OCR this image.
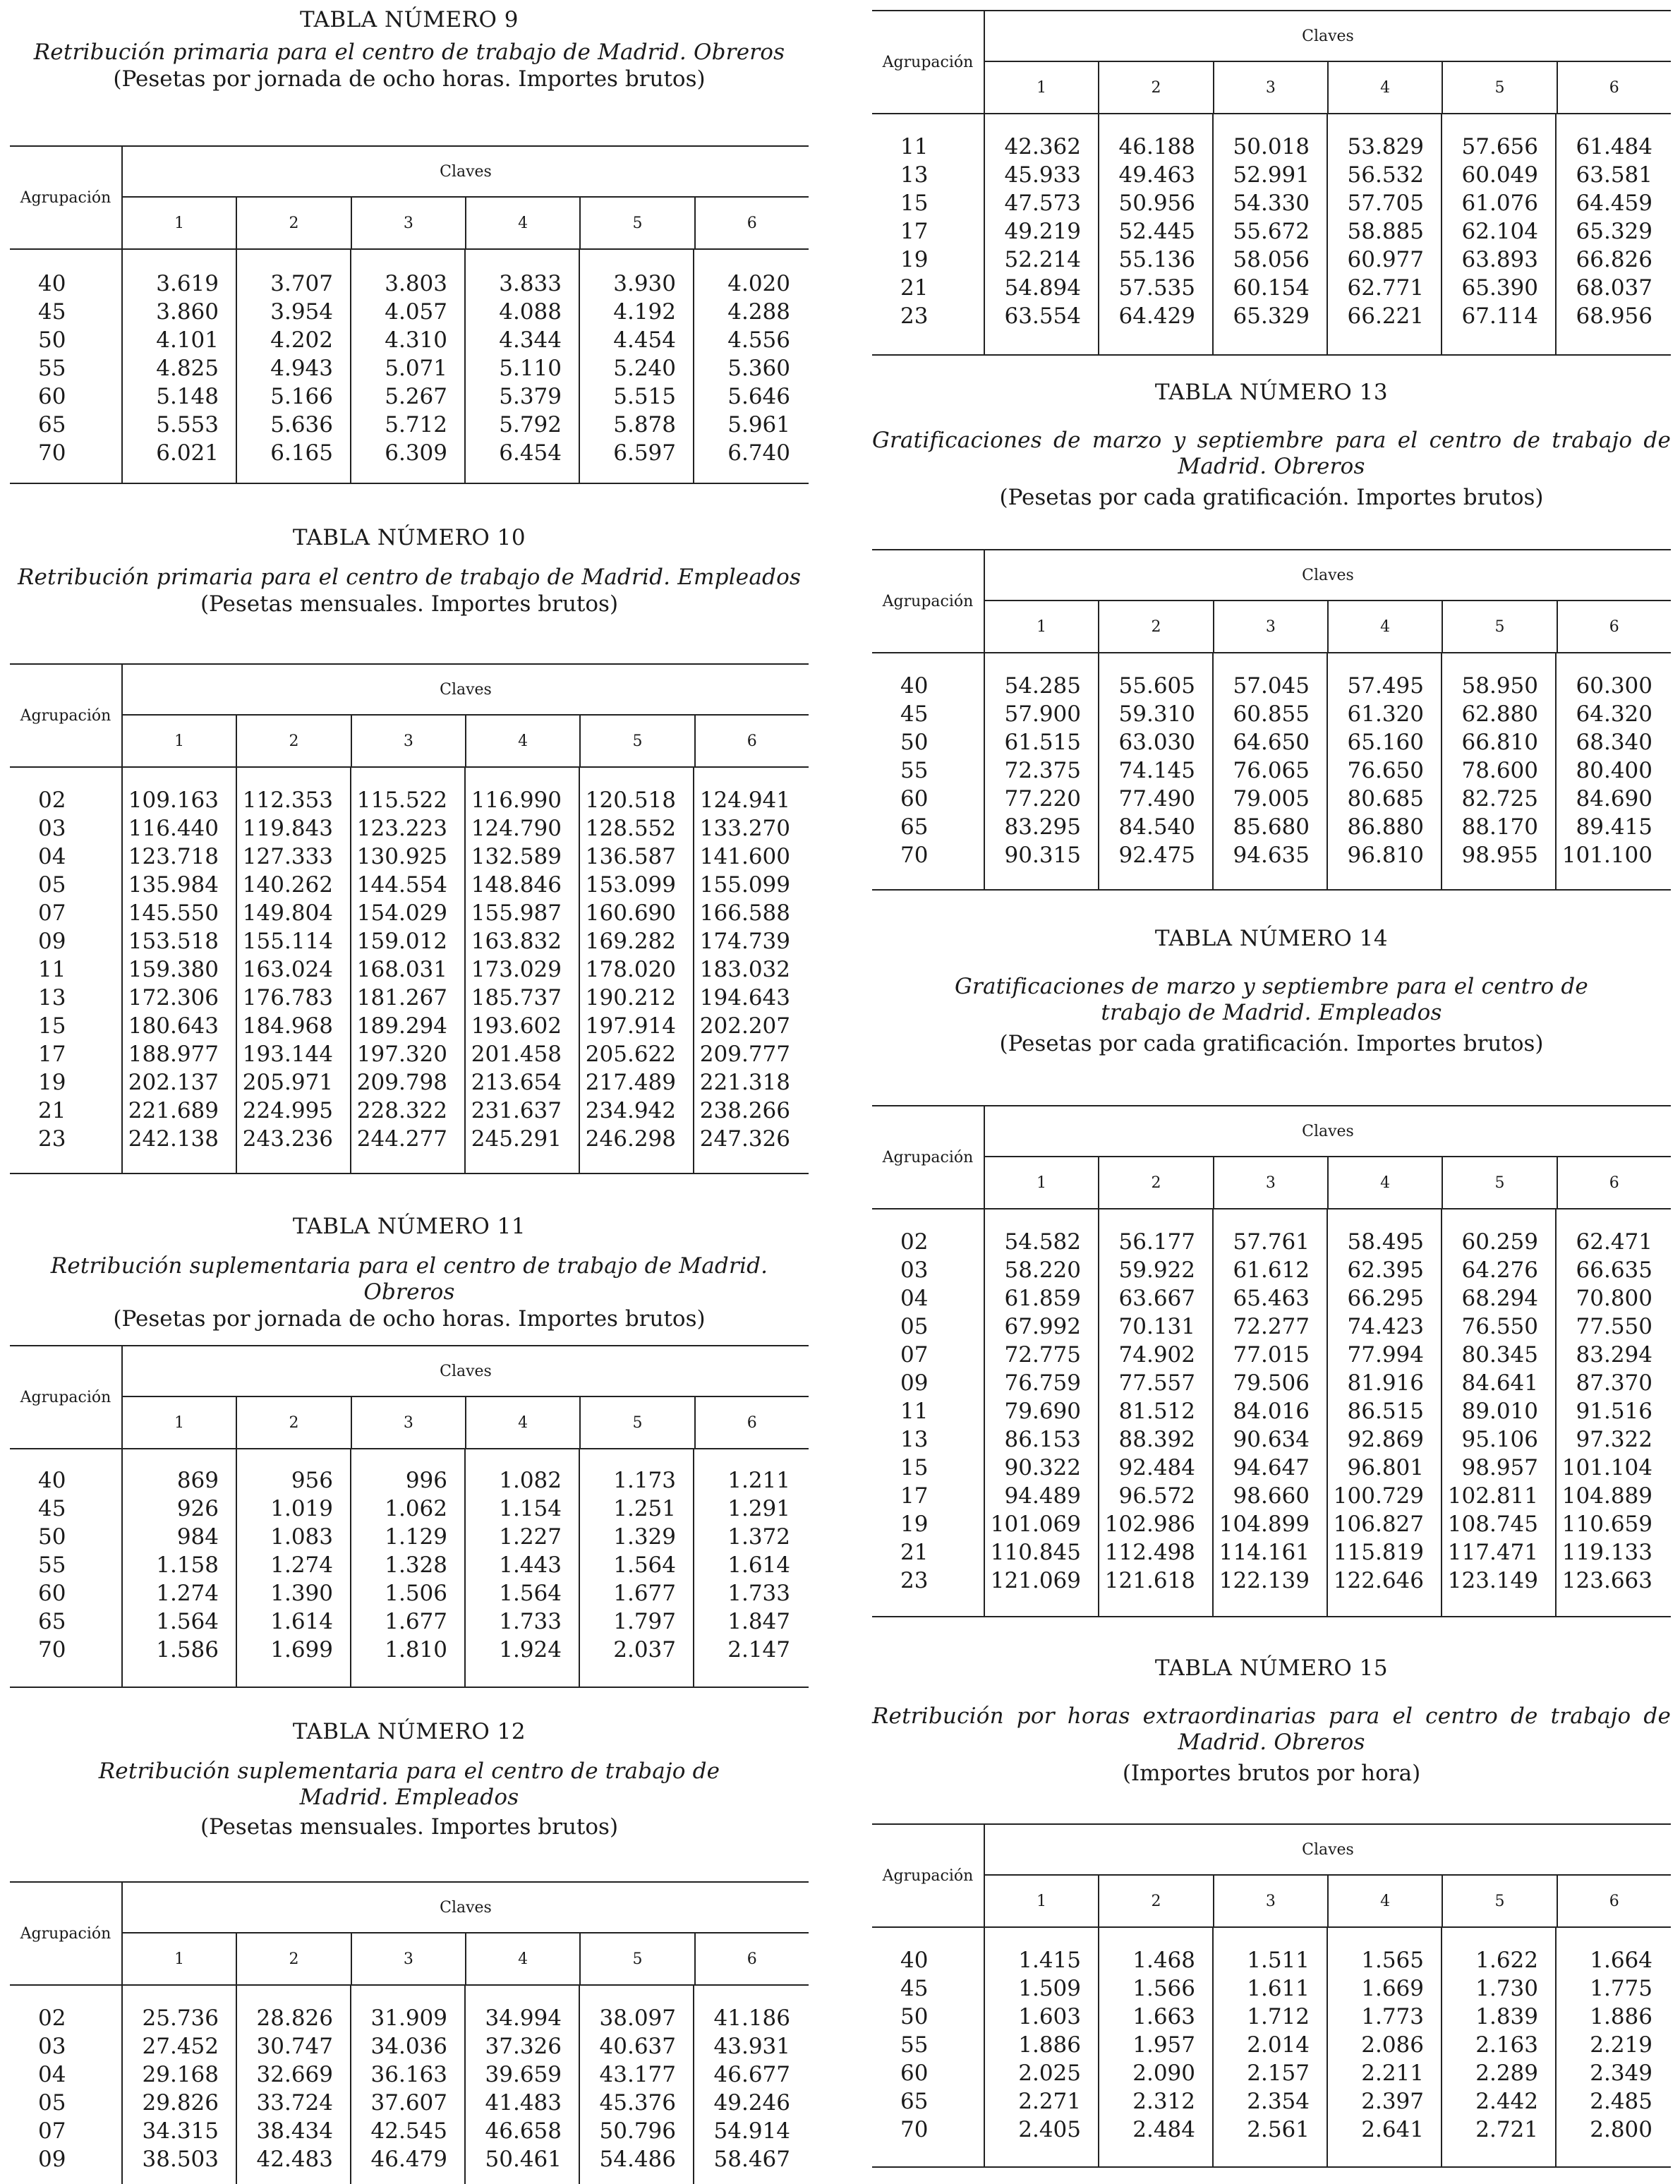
TABLA NÚMERO 9
Retribución primaria para el centro de trabajo de Madrid. Obreros
(Pesetas por jornada de ocho horas. Importes brutos)
Agrupación
Claves
1	2	3	4	5	6
40	3.619	3.707	3.803	3.833	3.930	4.020
45	3.860	3.954	4.057	4.088	4.192	4.288
50	4.101	4.202	4.310	4.344	4.454	4.556
55	4.825	4.943	5.071	5.110	5.240	5.360
60	5.148	5.166	5.267	5.379	5.515	5.646
65	5.553	5.636	5.712	5.792	5.878	5.961
70	6.021	6.165	6.309	6.454	6.597	6.740
TABLA NÚMERO 10
Retribución primaria para el centro de trabajo de Madrid. Empleados
(Pesetas mensuales. Importes brutos)
Agrupación
Claves
1	2	3	4	5	6
02	109.163	112.353	115.522	116.990	120.518	124.941
03	116.440	119.843	123.223	124.790	128.552	133.270
04	123.718	127.333	130.925	132.589	136.587	141.600
05	135.984	140.262	144.554	148.846	153.099	155.099
07	145.550	149.804	154.029	155.987	160.690	166.588
09	153.518	155.114	159.012	163.832	169.282	174.739
11	159.380	163.024	168.031	173.029	178.020	183.032
13	172.306	176.783	181.267	185.737	190.212	194.643
15	180.643	184.968	189.294	193.602	197.914	202.207
17	188.977	193.144	197.320	201.458	205.622	209.777
19	202.137	205.971	209.798	213.654	217.489	221.318
21	221.689	224.995	228.322	231.637	234.942	238.266
23	242.138	243.236	244.277	245.291	246.298	247.326
TABLA NÚMERO 11
Retribución suplementaria para el centro de trabajo de Madrid. Obreros
(Pesetas por jornada de ocho horas. Importes brutos)
Agrupación
Claves
1	2	3	4	5	6
40	869	956	996	1.082	1.173	1.211
45	926	1.019	1.062	1.154	1.251	1.291
50	984	1.083	1.129	1.227	1.329	1.372
55	1.158	1.274	1.328	1.443	1.564	1.614
60	1.274	1.390	1.506	1.564	1.677	1.733
65	1.564	1.614	1.677	1.733	1.797	1.847
70	1.586	1.699	1.810	1.924	2.037	2.147
TABLA NÚMERO 12
Retribución suplementaria para el centro de trabajo de Madrid. Empleados
(Pesetas mensuales. Importes brutos)
Agrupación
Claves
1	2	3	4	5	6
02	25.736	28.826	31.909	34.994	38.097	41.186
03	27.452	30.747	34.036	37.326	40.637	43.931
04	29.168	32.669	36.163	39.659	43.177	46.677
05	29.826	33.724	37.607	41.483	45.376	49.246
07	34.315	38.434	42.545	46.658	50.796	54.914
09	38.503	42.483	46.479	50.461	54.486	58.467
Agrupación
Claves
1	2	3	4	5	6
11	42.362	46.188	50.018	53.829	57.656	61.484
13	45.933	49.463	52.991	56.532	60.049	63.581
15	47.573	50.956	54.330	57.705	61.076	64.459
17	49.219	52.445	55.672	58.885	62.104	65.329
19	52.214	55.136	58.056	60.977	63.893	66.826
21	54.894	57.535	60.154	62.771	65.390	68.037
23	63.554	64.429	65.329	66.221	67.114	68.956
TABLA NÚMERO 13
Gratificaciones de marzo y septiembre para el centro de trabajo de Madrid. Obreros
(Pesetas por cada gratificación. Importes brutos)
Agrupación
Claves
1	2	3	4	5	6
40	54.285	55.605	57.045	57.495	58.950	60.300
45	57.900	59.310	60.855	61.320	62.880	64.320
50	61.515	63.030	64.650	65.160	66.810	68.340
55	72.375	74.145	76.065	76.650	78.600	80.400
60	77.220	77.490	79.005	80.685	82.725	84.690
65	83.295	84.540	85.680	86.880	88.170	89.415
70	90.315	92.475	94.635	96.810	98.955	101.100
TABLA NÚMERO 14
Gratificaciones de marzo y septiembre para el centro de trabajo de Madrid. Empleados
(Pesetas por cada gratificación. Importes brutos)
Agrupación
Claves
1	2	3	4	5	6
02	54.582	56.177	57.761	58.495	60.259	62.471
03	58.220	59.922	61.612	62.395	64.276	66.635
04	61.859	63.667	65.463	66.295	68.294	70.800
05	67.992	70.131	72.277	74.423	76.550	77.550
07	72.775	74.902	77.015	77.994	80.345	83.294
09	76.759	77.557	79.506	81.916	84.641	87.370
11	79.690	81.512	84.016	86.515	89.010	91.516
13	86.153	88.392	90.634	92.869	95.106	97.322
15	90.322	92.484	94.647	96.801	98.957	101.104
17	94.489	96.572	98.660	100.729	102.811	104.889
19	101.069	102.986	104.899	106.827	108.745	110.659
21	110.845	112.498	114.161	115.819	117.471	119.133
23	121.069	121.618	122.139	122.646	123.149	123.663
TABLA NÚMERO 15
Retribución por horas extraordinarias para el centro de trabajo de Madrid. Obreros
(Importes brutos por hora)
Agrupación
Claves
1	2	3	4	5	6
40	1.415	1.468	1.511	1.565	1.622	1.664
45	1.509	1.566	1.611	1.669	1.730	1.775
50	1.603	1.663	1.712	1.773	1.839	1.886
55	1.886	1.957	2.014	2.086	2.163	2.219
60	2.025	2.090	2.157	2.211	2.289	2.349
65	2.271	2.312	2.354	2.397	2.442	2.485
70	2.405	2.484	2.561	2.641	2.721	2.800
